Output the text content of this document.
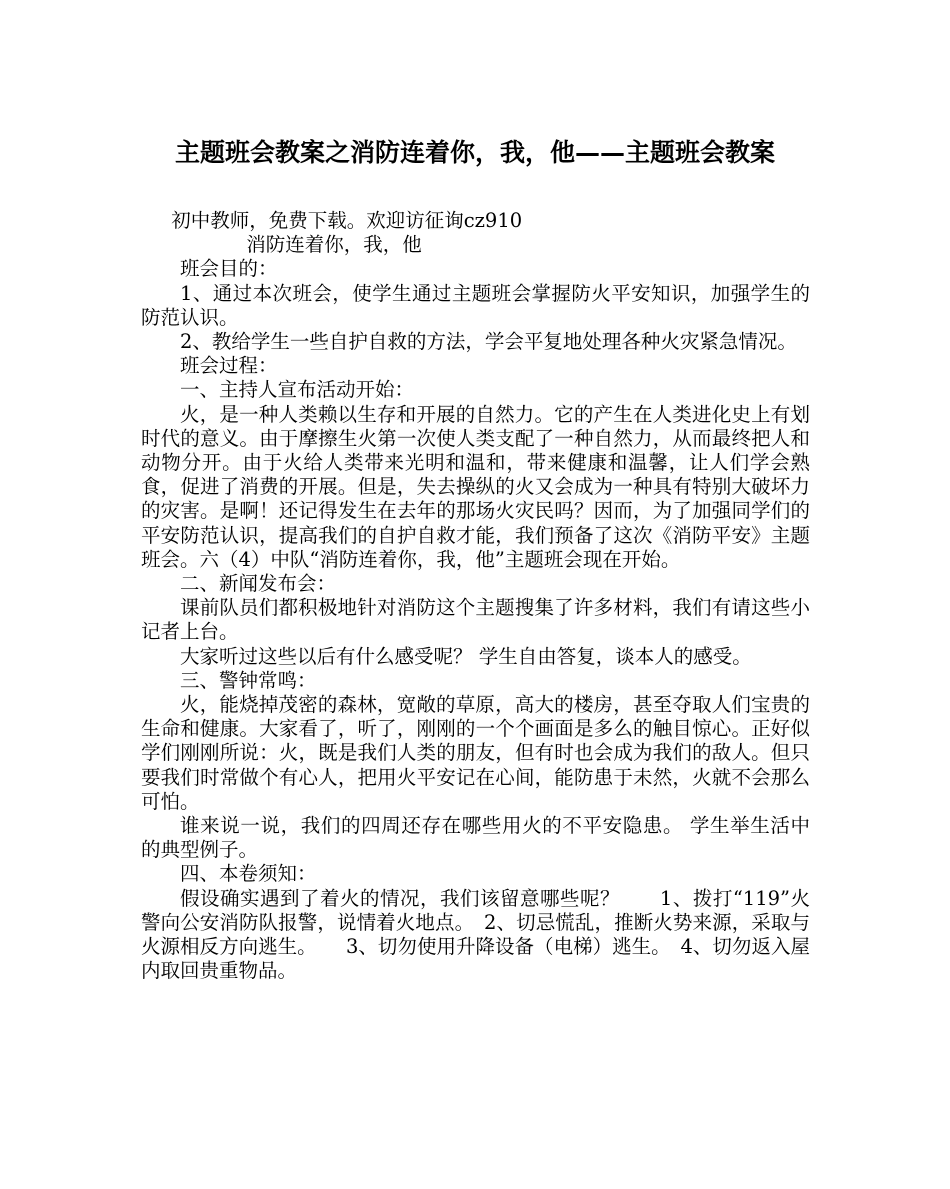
主题班会教案之消防连着你，我，他——主题班会教案

初中教师，免费下载。欢迎访征询cz910

消防连着你，我，他

班会目的：

1、通过本次班会，使学生通过主题班会掌握防火平安知识，加强学生的防范认识。

2、教给学生一些自护自救的方法，学会平复地处理各种火灾紧急情况。

班会过程：

一、主持人宣布活动开始：

火，是一种人类赖以生存和开展的自然力。它的产生在人类进化史上有划时代的意义。由于摩擦生火第一次使人类支配了一种自然力，从而最终把人和动物分开。由于火给人类带来光明和温和，带来健康和温馨，让人们学会熟食，促进了消费的开展。但是，失去操纵的火又会成为一种具有特别大破坏力的灾害。是啊！还记得发生在去年的那场火灾民吗？因而，为了加强同学们的平安防范认识，提高我们的自护自救才能，我们预备了这次《消防平安》主题班会。六（4）中队“消防连着你，我，他”主题班会现在开始。

二、新闻发布会：

课前队员们都积极地针对消防这个主题搜集了许多材料，我们有请这些小记者上台。

大家听过这些以后有什么感受呢？ 学生自由答复，谈本人的感受。

三、警钟常鸣：

火，能烧掉茂密的森林，宽敞的草原，高大的楼房，甚至夺取人们宝贵的生命和健康。大家看了，听了，刚刚的一个个画面是多么的触目惊心。正好似学们刚刚所说：火，既是我们人类的朋友，但有时也会成为我们的敌人。但只要我们时常做个有心人，把用火平安记在心间，能防患于未然，火就不会那么可怕。

谁来说一说，我们的四周还存在哪些用火的不平安隐患。 学生举生活中的典型例子。

四、本卷须知：

假设确实遇到了着火的情况，我们该留意哪些呢？　　1、拨打“119”火警向公安消防队报警，说情着火地点。　2、切忌慌乱，推断火势来源，采取与火源相反方向逃生。　　3、切勿使用升降设备（电梯）逃生。　4、切勿返入屋内取回贵重物品。
